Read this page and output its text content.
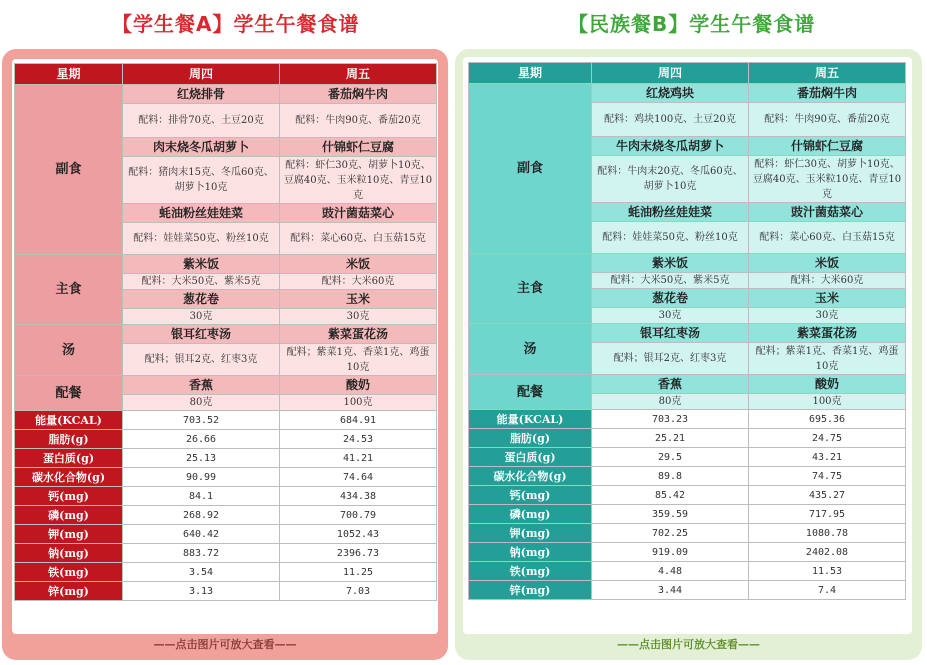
【学生餐A】学生午餐食谱	【民族餐B】学生午餐食谱
星期	周四	周五
副食	红烧排骨	番茄焖牛肉
	配料：排骨70克、土豆20克	配料：牛肉90克、番茄20克
	肉末烧冬瓜胡萝卜	什锦虾仁豆腐
	配料：猪肉末15克、冬瓜60克、胡萝卜10克	配料：虾仁30克、胡萝卜10克、豆腐40克、玉米粒10克、青豆10克
	蚝油粉丝娃娃菜	豉汁菌菇菜心
	配料：娃娃菜50克、粉丝10克	配料：菜心60克、白玉菇15克
主食	紫米饭	米饭
	配料：大米50克、紫米5克	配料：大米60克
	葱花卷	玉米
	30克	30克
汤	银耳红枣汤	紫菜蛋花汤
	配料；银耳2克、红枣3克	配料；紫菜1克、香菜1克、鸡蛋10克
配餐	香蕉	酸奶
	80克	100克
能量(KCAL)	703.52	684.91
脂肪(g)	26.66	24.53
蛋白质(g)	25.13	41.21
碳水化合物(g)	90.99	74.64
钙(mg)	84.1	434.38
磷(mg)	268.92	700.79
钾(mg)	640.42	1052.43
钠(mg)	883.72	2396.73
铁(mg)	3.54	11.25
锌(mg)	3.13	7.03
——点击图片可放大查看——
星期	周四	周五
副食	红烧鸡块	番茄焖牛肉
	配料：鸡块100克、土豆20克	配料：牛肉90克、番茄20克
	牛肉末烧冬瓜胡萝卜	什锦虾仁豆腐
	配料：牛肉末20克、冬瓜60克、胡萝卜10克	配料：虾仁30克、胡萝卜10克、豆腐40克、玉米粒10克、青豆10克
	蚝油粉丝娃娃菜	豉汁菌菇菜心
	配料：娃娃菜50克、粉丝10克	配料：菜心60克、白玉菇15克
主食	紫米饭	米饭
	配料：大米50克、紫米5克	配料：大米60克
	葱花卷	玉米
	30克	30克
汤	银耳红枣汤	紫菜蛋花汤
	配料；银耳2克、红枣3克	配料；紫菜1克、香菜1克、鸡蛋10克
配餐	香蕉	酸奶
	80克	100克
能量(KCAL)	703.23	695.36
脂肪(g)	25.21	24.75
蛋白质(g)	29.5	43.21
碳水化合物(g)	89.8	74.75
钙(mg)	85.42	435.27
磷(mg)	359.59	717.95
钾(mg)	702.25	1080.78
钠(mg)	919.09	2402.08
铁(mg)	4.48	11.53
锌(mg)	3.44	7.4
——点击图片可放大查看——
